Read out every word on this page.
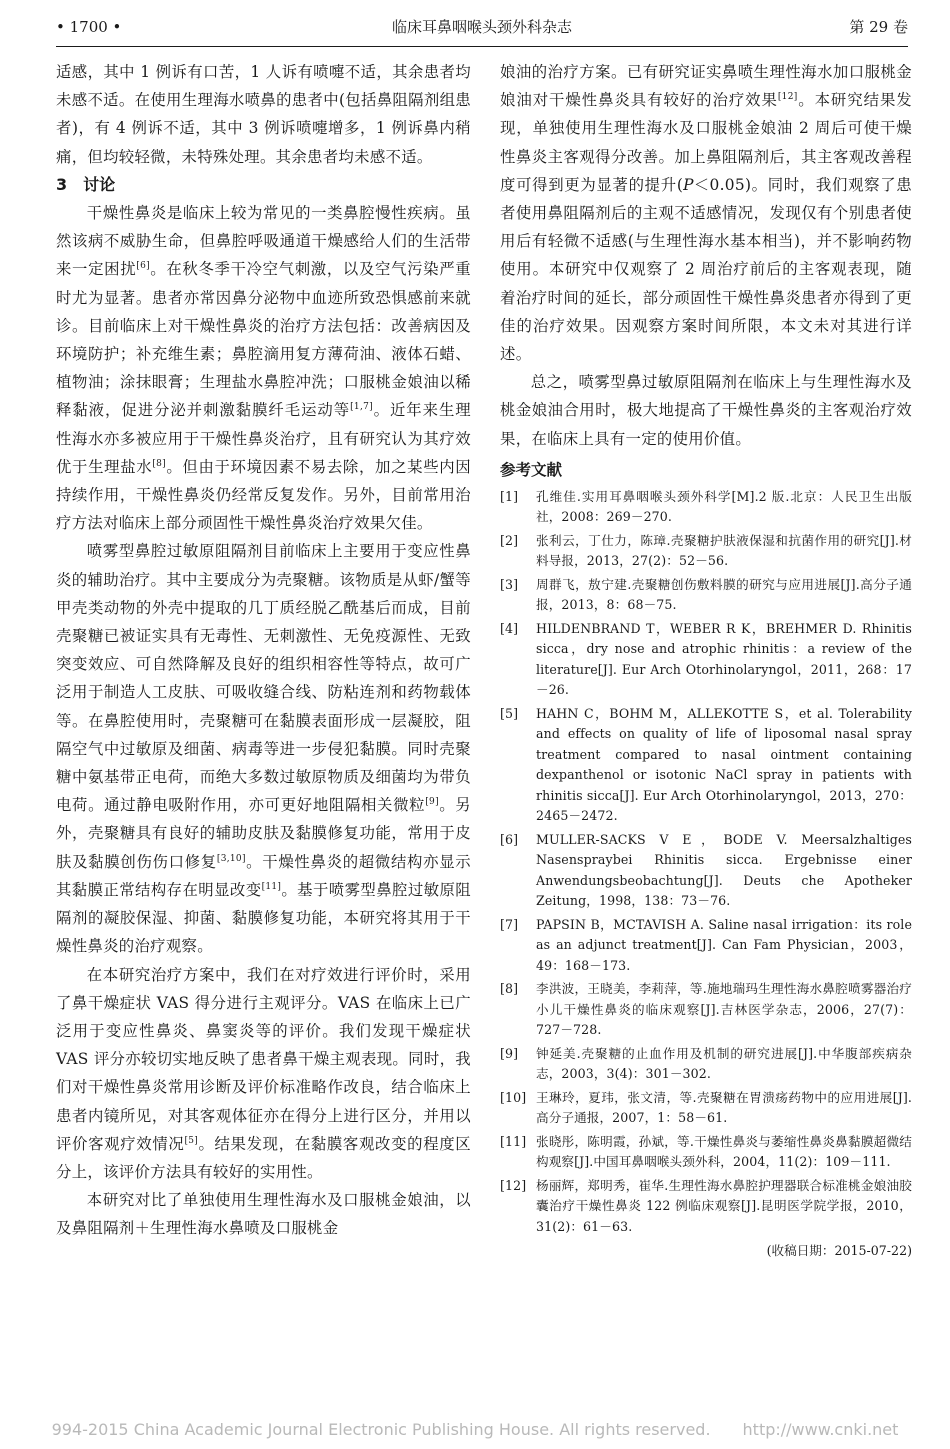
• 1700 •	临床耳鼻咽喉头颈外科杂志	第 29 卷

适感，其中 1 例诉有口苦，1 人诉有喷嚏不适，其余患者均未感不适。在使用生理海水喷鼻的患者中(包括鼻阻隔剂组患者)，有 4 例诉不适，其中 3 例诉喷嚏增多，1 例诉鼻内稍痛，但均较轻微，未特殊处理。其余患者均未感不适。

3　讨论

干燥性鼻炎是临床上较为常见的一类鼻腔慢性疾病。虽然该病不威胁生命，但鼻腔呼吸通道干燥感给人们的生活带来一定困扰[6]。在秋冬季干冷空气刺激，以及空气污染严重时尤为显著。患者亦常因鼻分泌物中血迹所致恐惧感前来就诊。目前临床上对干燥性鼻炎的治疗方法包括：改善病因及环境防护；补充维生素；鼻腔滴用复方薄荷油、液体石蜡、植物油；涂抹眼膏；生理盐水鼻腔冲洗；口服桃金娘油以稀释黏液，促进分泌并刺激黏膜纤毛运动等[1,7]。近年来生理性海水亦多被应用于干燥性鼻炎治疗，且有研究认为其疗效优于生理盐水[8]。但由于环境因素不易去除，加之某些内因持续作用，干燥性鼻炎仍经常反复发作。另外，目前常用治疗方法对临床上部分顽固性干燥性鼻炎治疗效果欠佳。

喷雾型鼻腔过敏原阻隔剂目前临床上主要用于变应性鼻炎的辅助治疗。其中主要成分为壳聚糖。该物质是从虾/蟹等甲壳类动物的外壳中提取的几丁质经脱乙酰基后而成，目前壳聚糖已被证实具有无毒性、无刺激性、无免疫源性、无致突变效应、可自然降解及良好的组织相容性等特点，故可广泛用于制造人工皮肤、可吸收缝合线、防粘连剂和药物载体等。在鼻腔使用时，壳聚糖可在黏膜表面形成一层凝胶，阻隔空气中过敏原及细菌、病毒等进一步侵犯黏膜。同时壳聚糖中氨基带正电荷，而绝大多数过敏原物质及细菌均为带负电荷。通过静电吸附作用，亦可更好地阻隔相关微粒[9]。另外，壳聚糖具有良好的辅助皮肤及黏膜修复功能，常用于皮肤及黏膜创伤伤口修复[3,10]。干燥性鼻炎的超微结构亦显示其黏膜正常结构存在明显改变[11]。基于喷雾型鼻腔过敏原阻隔剂的凝胶保湿、抑菌、黏膜修复功能，本研究将其用于干燥性鼻炎的治疗观察。

在本研究治疗方案中，我们在对疗效进行评价时，采用了鼻干燥症状 VAS 得分进行主观评分。VAS 在临床上已广泛用于变应性鼻炎、鼻窦炎等的评价。我们发现干燥症状 VAS 评分亦较切实地反映了患者鼻干燥主观表现。同时，我们对干燥性鼻炎常用诊断及评价标准略作改良，结合临床上患者内镜所见，对其客观体征亦在得分上进行区分，并用以评价客观疗效情况[5]。结果发现，在黏膜客观改变的程度区分上，该评价方法具有较好的实用性。

本研究对比了单独使用生理性海水及口服桃金娘油，以及鼻阻隔剂＋生理性海水鼻喷及口服桃金

娘油的治疗方案。已有研究证实鼻喷生理性海水加口服桃金娘油对干燥性鼻炎具有较好的治疗效果[12]。本研究结果发现，单独使用生理性海水及口服桃金娘油 2 周后可使干燥性鼻炎主客观得分改善。加上鼻阻隔剂后，其主客观改善程度可得到更为显著的提升(P＜0.05)。同时，我们观察了患者使用鼻阻隔剂后的主观不适感情况，发现仅有个别患者使用后有轻微不适感(与生理性海水基本相当)，并不影响药物使用。本研究中仅观察了 2 周治疗前后的主客观表现，随着治疗时间的延长，部分顽固性干燥性鼻炎患者亦得到了更佳的治疗效果。因观察方案时间所限，本文未对其进行详述。

总之，喷雾型鼻过敏原阻隔剂在临床上与生理性海水及桃金娘油合用时，极大地提高了干燥性鼻炎的主客观治疗效果，在临床上具有一定的使用价值。

参考文献
[1]	孔维佳.实用耳鼻咽喉头颈外科学[M].2 版.北京：人民卫生出版社，2008：269－270.
[2]	张利云，丁仕力，陈璋.壳聚糖护肤液保湿和抗菌作用的研究[J].材料导报，2013，27(2)：52－56.
[3]	周群飞，敖宁建.壳聚糖创伤敷料膜的研究与应用进展[J].高分子通报，2013，8：68－75.
[4]	HILDENBRAND T，WEBER R K，BREHMER D. Rhinitis sicca，dry nose and atrophic rhinitis：a review of the literature[J]. Eur Arch Otorhinolaryngol，2011，268：17－26.
[5]	HAHN C，BOHM M，ALLEKOTTE S，et al. Tolerability and effects on quality of life of liposomal nasal spray treatment compared to nasal ointment containing dexpanthenol or isotonic NaCl spray in patients with rhinitis sicca[J]. Eur Arch Otorhinolaryngol，2013，270：2465－2472.
[6]	MULLER-SACKS V E，BODE V. Meersalzhaltiges Nasenspraybei Rhinitis sicca. Ergebnisse einer Anwendungsbeobachtung[J]. Deuts che Apotheker Zeitung，1998，138：73－76.
[7]	PAPSIN B，MCTAVISH A. Saline nasal irrigation：its role as an adjunct treatment[J]. Can Fam Physician，2003，49：168－173.
[8]	李洪波，王晓美，李莉萍，等.施地瑞玛生理性海水鼻腔喷雾器治疗小儿干燥性鼻炎的临床观察[J].吉林医学杂志，2006，27(7)：727－728.
[9]	钟延美.壳聚糖的止血作用及机制的研究进展[J].中华腹部疾病杂志，2003，3(4)：301－302.
[10] 王琳玲，夏玮，张文清，等.壳聚糖在胃溃疡药物中的应用进展[J].高分子通报，2007，1：58－61.
[11] 张晓彤，陈明霞，孙斌，等.干燥性鼻炎与萎缩性鼻炎鼻黏膜超微结构观察[J].中国耳鼻咽喉头颈外科，2004，11(2)：109－111.
[12] 杨丽辉，郑明秀，崔华.生理性海水鼻腔护理器联合标准桃金娘油胶囊治疗干燥性鼻炎 122 例临床观察[J].昆明医学院学报，2010，31(2)：61－63.
(收稿日期：2015-07-22)
994-2015 China Academic Journal Electronic Publishing House. All rights reserved.　　http://www.cnki.net
